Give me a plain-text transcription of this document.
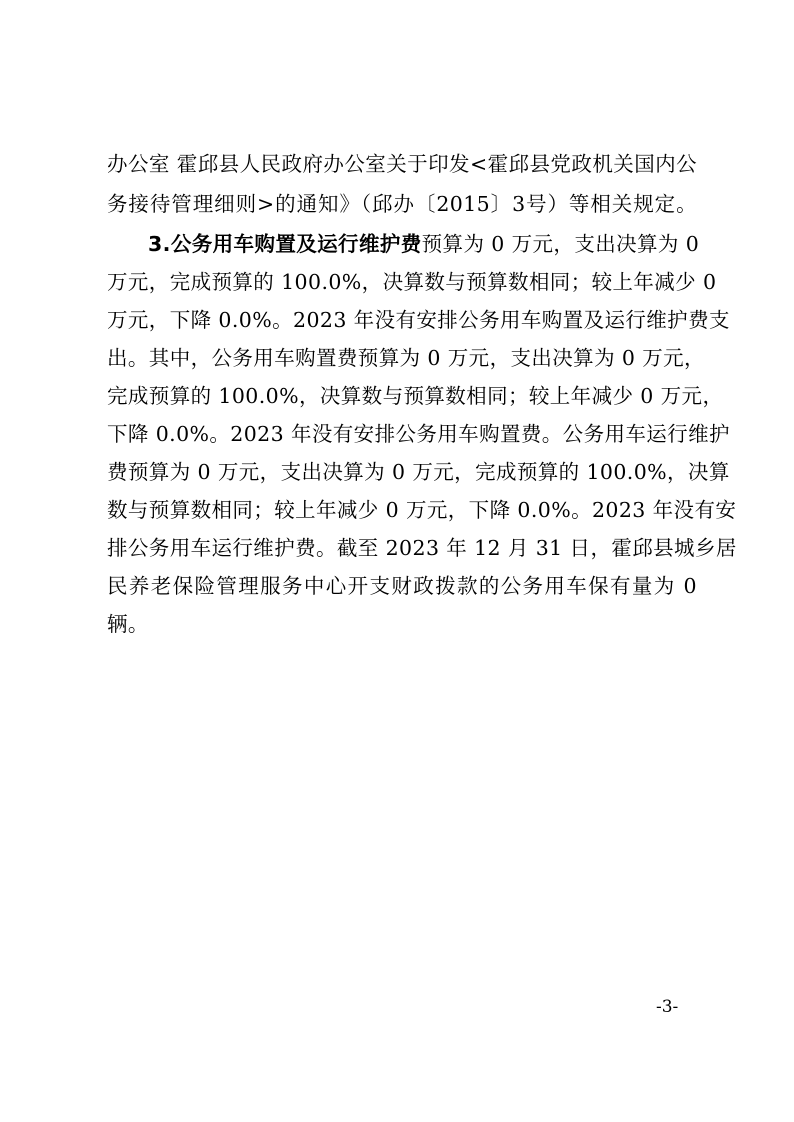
办公室 霍邱县人民政府办公室关于印发<霍邱县党政机关国内公
务接待管理细则>的通知》（邱办〔2015〕3号）等相关规定。
3.公务用车购置及运行维护费预算为 0 万元，支出决算为 0
万元，完成预算的 100.0%，决算数与预算数相同；较上年减少 0
万元，下降 0.0%。2023 年没有安排公务用车购置及运行维护费支
出。其中，公务用车购置费预算为 0 万元，支出决算为 0 万元，
完成预算的 100.0%，决算数与预算数相同；较上年减少 0 万元，
下降 0.0%。2023 年没有安排公务用车购置费。公务用车运行维护
费预算为 0 万元，支出决算为 0 万元，完成预算的 100.0%，决算
数与预算数相同；较上年减少 0 万元，下降 0.0%。2023 年没有安
排公务用车运行维护费。截至 2023 年 12 月 31 日，霍邱县城乡居
民养老保险管理服务中心开支财政拨款的公务用车保有量为 0
辆。
-3-
